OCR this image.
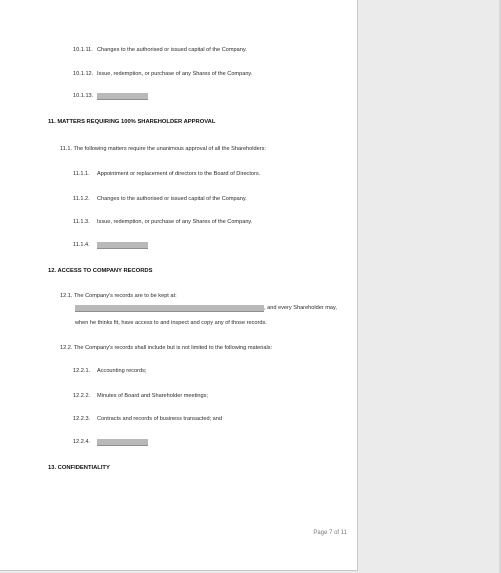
10.1.11. Changes to the authorised or issued capital of the Company.
10.1.12. Issue, redemption, or purchase of any Shares of the Company.
10.1.13.
11. MATTERS REQUIRING 100% SHAREHOLDER APPROVAL
11.1. The following matters require the unanimous approval of all the Shareholders:
11.1.1. Appointment or replacement of directors to the Board of Directors.
11.1.2. Changes to the authorised or issued capital of the Company.
11.1.3. Issue, redemption, or purchase of any Shares of the Company.
11.1.4.
12. ACCESS TO COMPANY RECORDS
12.1. The Company's records are to be kept at:
, and every Shareholder may,
when he thinks fit, have access to and inspect and copy any of those records.
12.2. The Company's records shall include but is not limited to the following materials:
12.2.1. Accounting records;
12.2.2. Minutes of Board and Shareholder meetings;
12.2.3. Contracts and records of business transacted; and
12.2.4.
13. CONFIDENTIALITY
Page 7 of 11
